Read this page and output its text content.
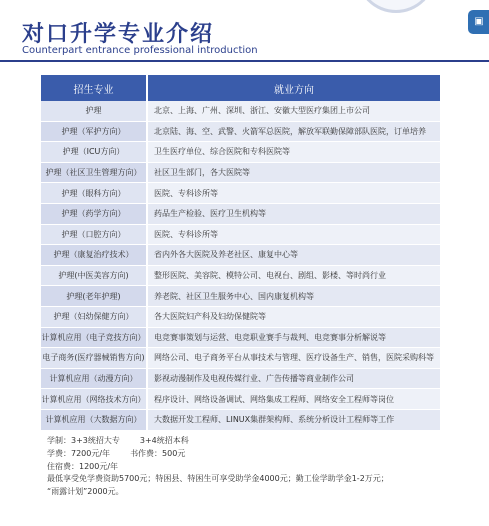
▣
对口升学专业介绍
Counterpart entrance professional introduction
招生专业	就业方向
护理	北京、上海、广州、深圳、浙江、安徽大型医疗集团上市公司
护理（军护方向）	北京陆、海、空、武警、火箭军总医院，解放军联勤保障部队医院，订单培养
护理（ICU方向）	卫生医疗单位、综合医院和专科医院等
护理（社区卫生管理方向）	社区卫生部门，各大医院等
护理（眼科方向）	医院、专科诊所等
护理（药学方向）	药品生产检验、医疗卫生机构等
护理（口腔方向）	医院、专科诊所等
护理（康复治疗技术）	省内外各大医院及养老社区、康复中心等
护理(中医美容方向)	整形医院、美容院、模特公司、电视台、剧组、影楼、等时尚行业
护理(老年护理)	养老院、社区卫生服务中心、国内康复机构等
护理（妇幼保健方向）	各大医院妇产科及妇幼保健院等
计算机应用（电子竞技方向）	电竞赛事策划与运营、电竞职业赛手与裁判、电竞赛事分析解说等
电子商务(医疗器械销售方向)	网络公司、电子商务平台从事技术与管理、医疗设备生产、销售，医院采购科等
计算机应用（动漫方向）	影视动漫制作及电视传媒行业、广告传播等商业制作公司
计算机应用（网络技术方向）	程序设计、网络设备调试、网络集成工程师、网络安全工程师等岗位
计算机应用（大数据方向）	大数据开发工程师、LINUX集群架构师、系统分析设计工程师等工作
学制：3+3统招大专	3+4统招本科
学费：7200元/年	书作费：500元
住宿费：1200元/年
最低享受免学费资助5700元；特困县、特困生可享受助学金4000元；勤工俭学助学金1-2万元；
“雨露计划”2000元。
